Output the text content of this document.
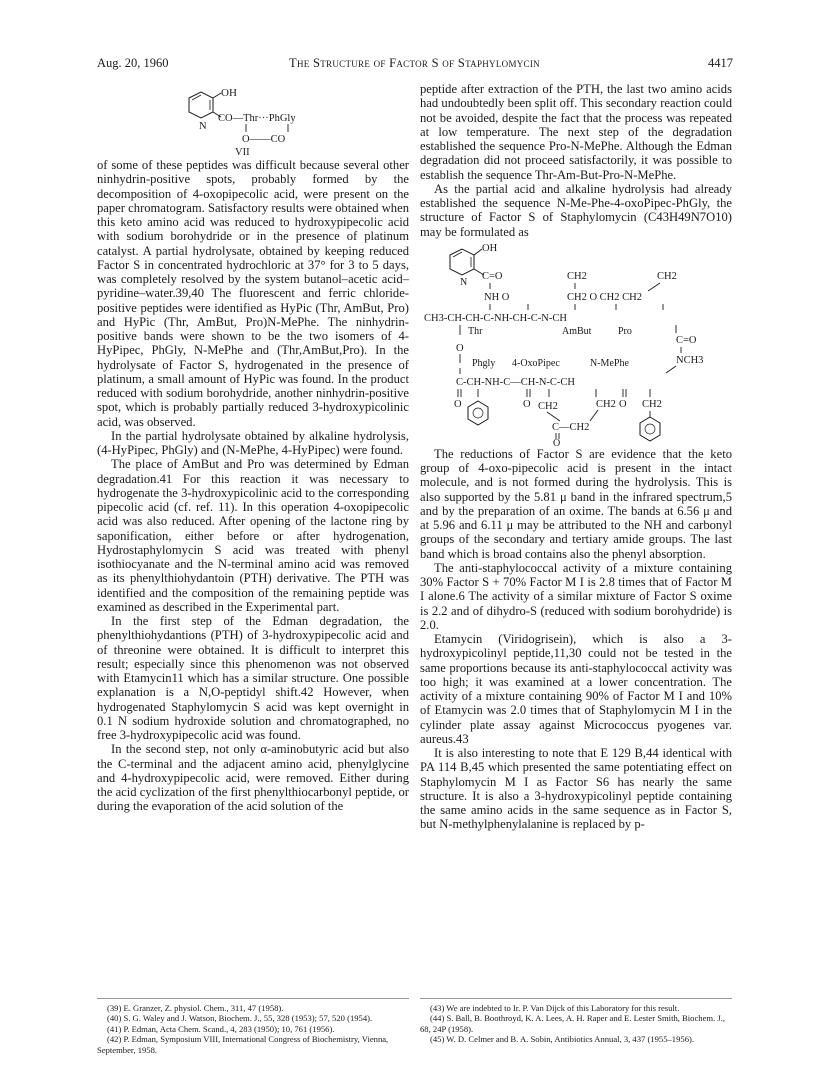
Aug. 20, 1960	The Structure of Factor S of Staphylomycin	4417
OH
N
CO—Thr···PhGly
O——CO
VII

of some of these peptides was difficult because several other ninhydrin-positive spots, probably formed by the decomposition of 4-oxopipecolic acid, were present on the paper chromatogram. Satisfactory results were obtained when this keto amino acid was reduced to hydroxypipecolic acid with sodium borohydride or in the presence of platinum catalyst. A partial hydrolysate, obtained by keeping reduced Factor S in concentrated hydrochloric at 37° for 3 to 5 days, was completely resolved by the system butanol–acetic acid–pyridine–water.39,40 The fluorescent and ferric chloride-positive peptides were identified as HyPic (Thr, AmBut, Pro) and HyPic (Thr, AmBut, Pro)N-MePhe. The ninhydrin-positive bands were shown to be the two isomers of 4-HyPipec, PhGly, N-MePhe and (Thr,AmBut,Pro). In the hydrolysate of Factor S, hydrogenated in the presence of platinum, a small amount of HyPic was found. In the product reduced with sodium borohydride, another ninhydrin-positive spot, which is probably partially reduced 3-hydroxypicolinic acid, was observed.

In the partial hydrolysate obtained by alkaline hydrolysis, (4-HyPipec, PhGly) and (N-MePhe, 4-HyPipec) were found.

The place of AmBut and Pro was determined by Edman degradation.41 For this reaction it was necessary to hydrogenate the 3-hydroxypicolinic acid to the corresponding pipecolic acid (cf. ref. 11). In this operation 4-oxopipecolic acid was also reduced. After opening of the lactone ring by saponification, either before or after hydrogenation, Hydrostaphylomycin S acid was treated with phenyl isothiocyanate and the N-terminal amino acid was removed as its phenylthiohydantoin (PTH) derivative. The PTH was identified and the composition of the remaining peptide was examined as described in the Experimental part.

In the first step of the Edman degradation, the phenylthiohydantions (PTH) of 3-hydroxypipecolic acid and of threonine were obtained. It is difficult to interpret this result; especially since this phenomenon was not observed with Etamycin11 which has a similar structure. One possible explanation is a N,O-peptidyl shift.42 However, when hydrogenated Staphylomycin S acid was kept overnight in 0.1 N sodium hydroxide solution and chromatographed, no free 3-hydroxypipecolic acid was found.

In the second step, not only α-aminobutyric acid but also the C-terminal and the adjacent amino acid, phenylglycine and 4-hydroxypipecolic acid, were removed. Either during the acid cyclization of the first phenylthiocarbonyl peptide, or during the evaporation of the acid solution of the

peptide after extraction of the PTH, the last two amino acids had undoubtedly been split off. This secondary reaction could not be avoided, despite the fact that the process was repeated at low temperature. The next step of the degradation established the sequence Pro-N-MePhe. Although the Edman degradation did not proceed satisfactorily, it was possible to establish the sequence Thr-Am-But-Pro-N-MePhe.

As the partial acid and alkaline hydrolysis had already established the sequence N-Me-Phe-4-oxoPipec-PhGly, the structure of Factor S of Staphylomycin (C43H49N7O10) may be formulated as

OH
N
C=O	CH2	CH2
NH O	CH2 O CH2 CH2
CH3-CH-CH-C-NH-CH-C-N-CH
Thr	AmBut	Pro
C=O
O
NCH3
Phgly 4-OxoPipec	N-MePhe
C-CH-NH-C—CH-N-C-CH
O	O CH2	CH2 O CH2
C—CH2
O

The reductions of Factor S are evidence that the keto group of 4-oxo-pipecolic acid is present in the intact molecule, and is not formed during the hydrolysis. This is also supported by the 5.81 μ band in the infrared spectrum,5 and by the preparation of an oxime. The bands at 6.56 μ and at 5.96 and 6.11 μ may be attributed to the NH and carbonyl groups of the secondary and tertiary amide groups. The last band which is broad contains also the phenyl absorption.

The anti-staphylococcal activity of a mixture containing 30% Factor S + 70% Factor M I is 2.8 times that of Factor M I alone.6 The activity of a similar mixture of Factor S oxime is 2.2 and of dihydro-S (reduced with sodium borohydride) is 2.0.

Etamycin (Viridogrisein), which is also a 3-hydroxypicolinyl peptide,11,30 could not be tested in the same proportions because its anti-staphylococcal activity was too high; it was examined at a lower concentration. The activity of a mixture containing 90% of Factor M I and 10% of Etamycin was 2.0 times that of Staphylomycin M I in the cylinder plate assay against Micrococcus pyogenes var. aureus.43

It is also interesting to note that E 129 B,44 identical with PA 114 B,45 which presented the same potentiating effect on Staphylomycin M I as Factor S6 has nearly the same structure. It is also a 3-hydroxypicolinyl peptide containing the same amino acids in the same sequence as in Factor S, but N-methylphenylalanine is replaced by p-

(39) E. Granzer, Z. physiol. Chem., 311, 47 (1958).
(40) S. G. Waley and J. Watson, Biochem. J., 55, 328 (1953); 57, 520 (1954).
(41) P. Edman, Acta Chem. Scand., 4, 283 (1950); 10, 761 (1956).
(42) P. Edman, Symposium VIII, International Congress of Biochemistry, Vienna, September, 1958.
(43) We are indebted to Ir. P. Van Dijck of this Laboratory for this result.
(44) S. Ball, B. Boothroyd, K. A. Lees, A. H. Raper and E. Lester Smith, Biochem. J., 68, 24P (1958).
(45) W. D. Celmer and B. A. Sobin, Antibiotics Annual, 3, 437 (1955–1956).
